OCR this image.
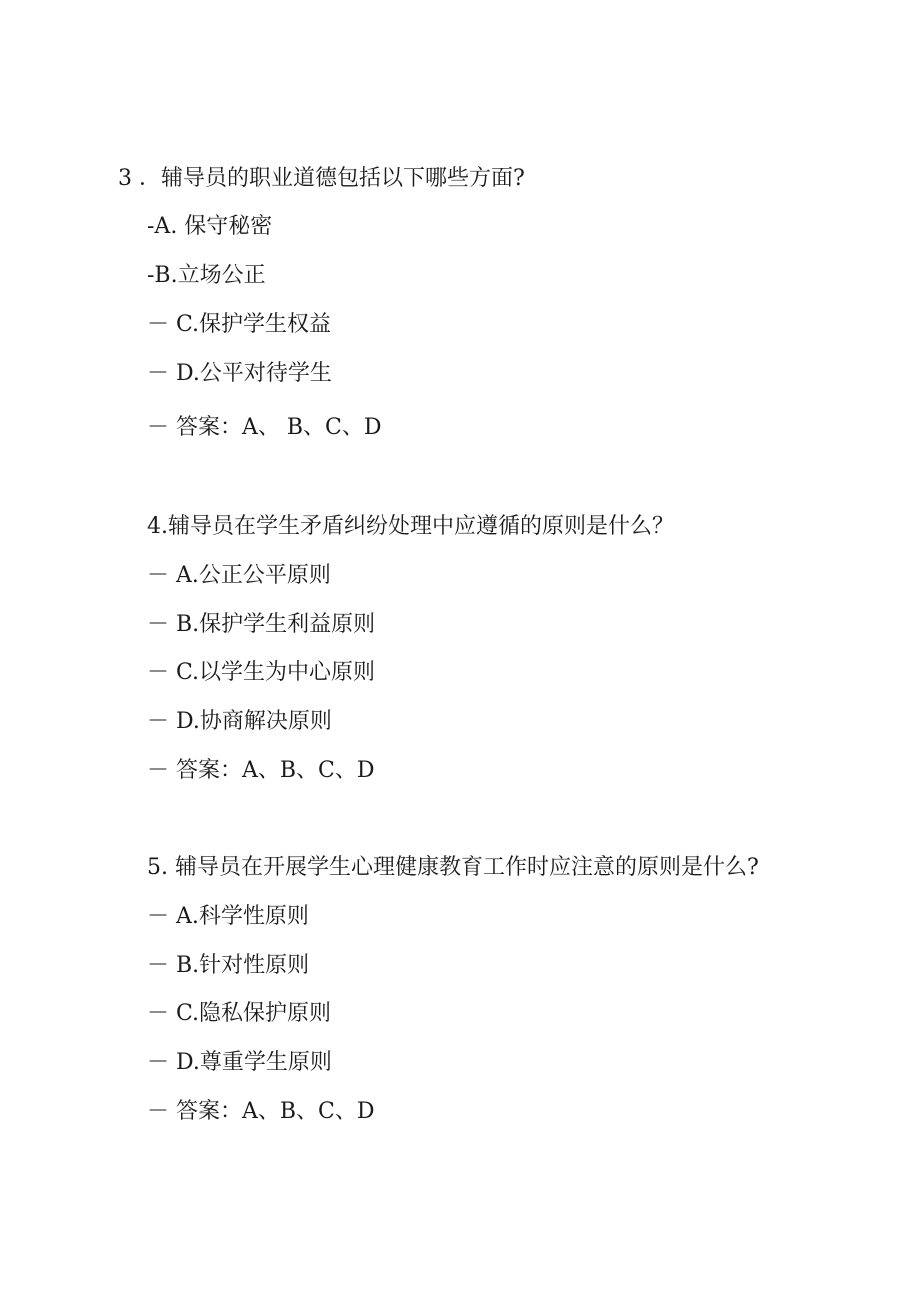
3 ．辅导员的职业道德包括以下哪些方面?
-A. 保守秘密
-B.立场公正
－ C.保护学生权益
－ D.公平对待学生
－ 答案：A、 B、C、D
4.辅导员在学生矛盾纠纷处理中应遵循的原则是什么？
－ A.公正公平原则
－ B.保护学生利益原则
－ C.以学生为中心原则
－ D.协商解决原则
－ 答案：A、B、C、D
5. 辅导员在开展学生心理健康教育工作时应注意的原则是什么?
－ A.科学性原则
－ B.针对性原则
－ C.隐私保护原则
－ D.尊重学生原则
－ 答案：A、B、C、D
